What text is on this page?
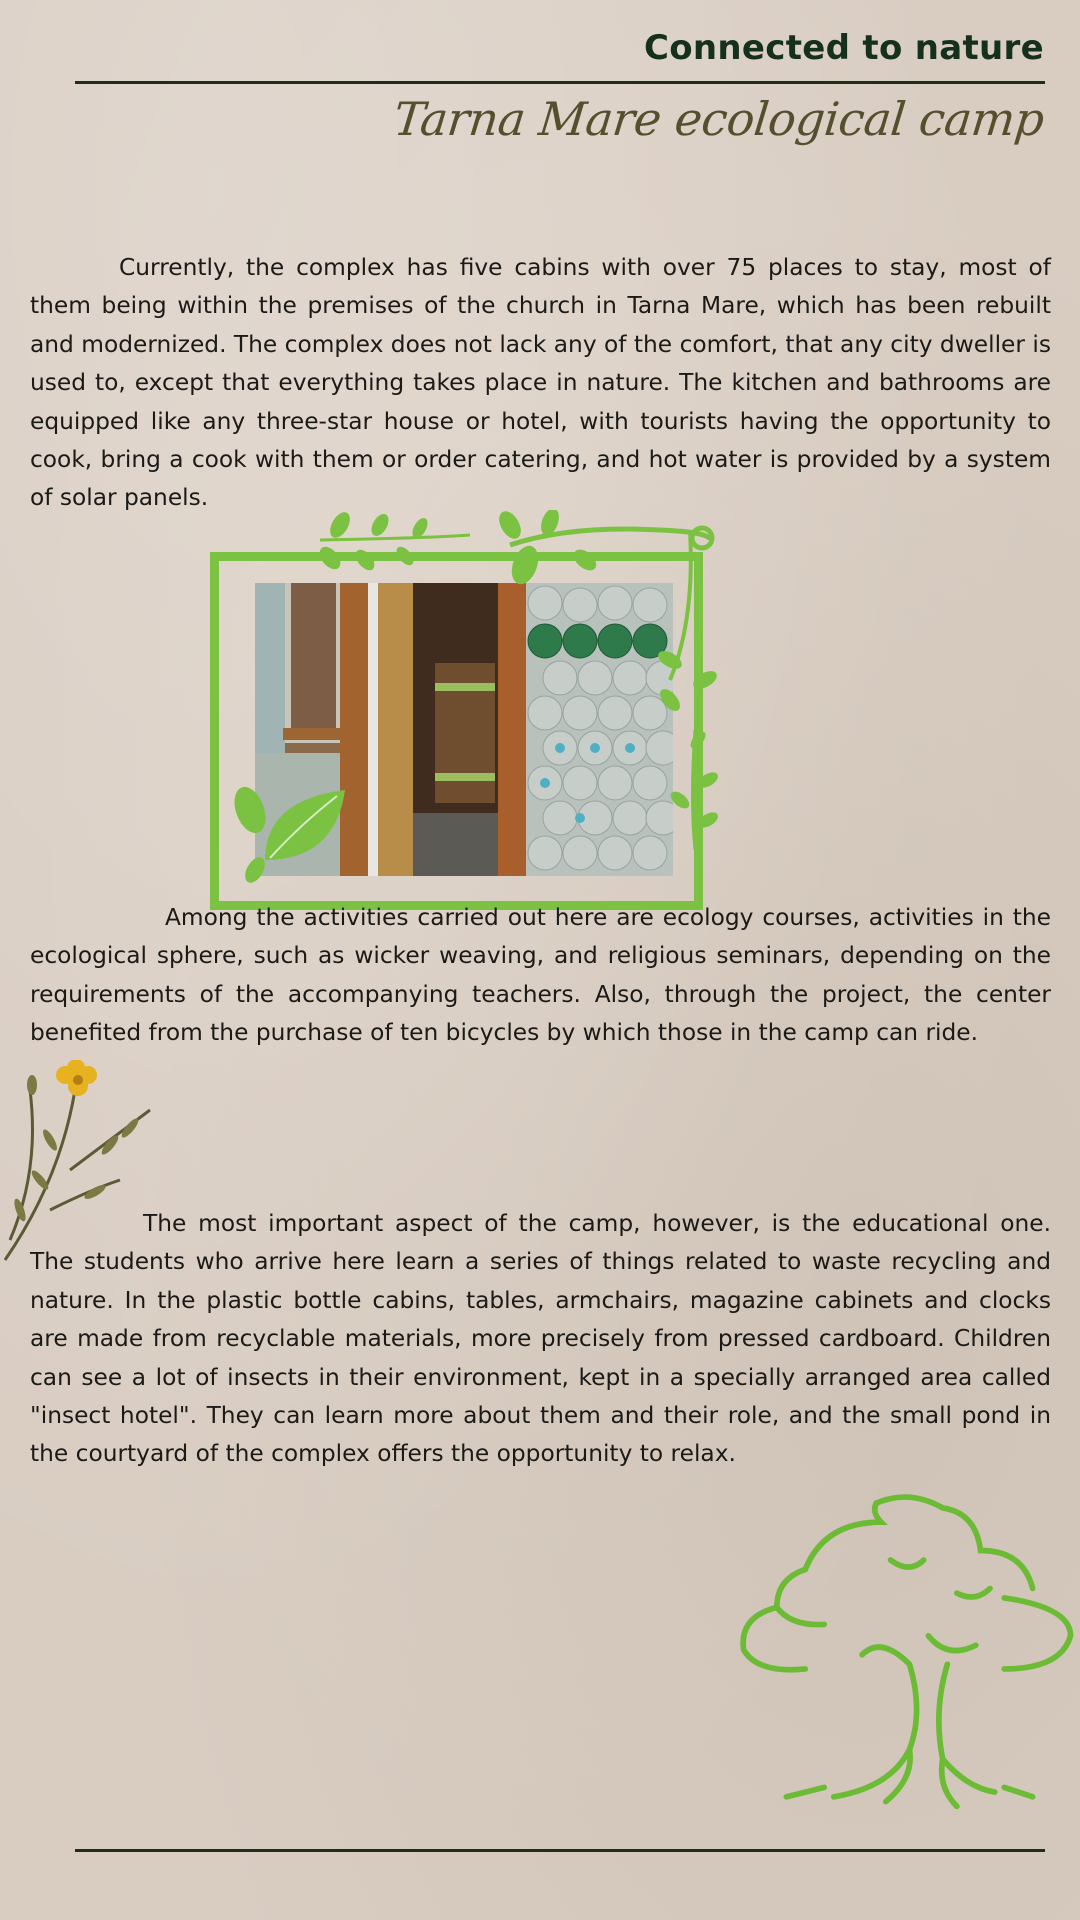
Connected to nature
Tarna Mare ecological camp
Currently, the complex has five cabins with over 75 places to stay, most of them being within the premises of the church in Tarna Mare, which has been rebuilt and modernized. The complex does not lack any of the comfort, that any city dweller is used to, except that everything takes place in nature. The kitchen and bathrooms are equipped like any three-star house or hotel, with tourists having the opportunity to cook, bring a cook with them or order catering, and hot water is provided by a system of solar panels.
Among the activities carried out here are ecology courses, activities in the ecological sphere, such as wicker weaving, and religious seminars, depending on the requirements of the accompanying teachers. Also, through the project, the center benefited from the purchase of ten bicycles by which those in the camp can ride.
The most important aspect of the camp, however, is the educational one. The students who arrive here learn a series of things related to waste recycling and nature. In the plastic bottle cabins, tables, armchairs, magazine cabinets and clocks are made from recyclable materials, more precisely from pressed cardboard. Children can see a lot of insects in their environment, kept in a specially arranged area called "insect hotel". They can learn more about them and their role, and the small pond in the courtyard of the complex offers the opportunity to relax.
